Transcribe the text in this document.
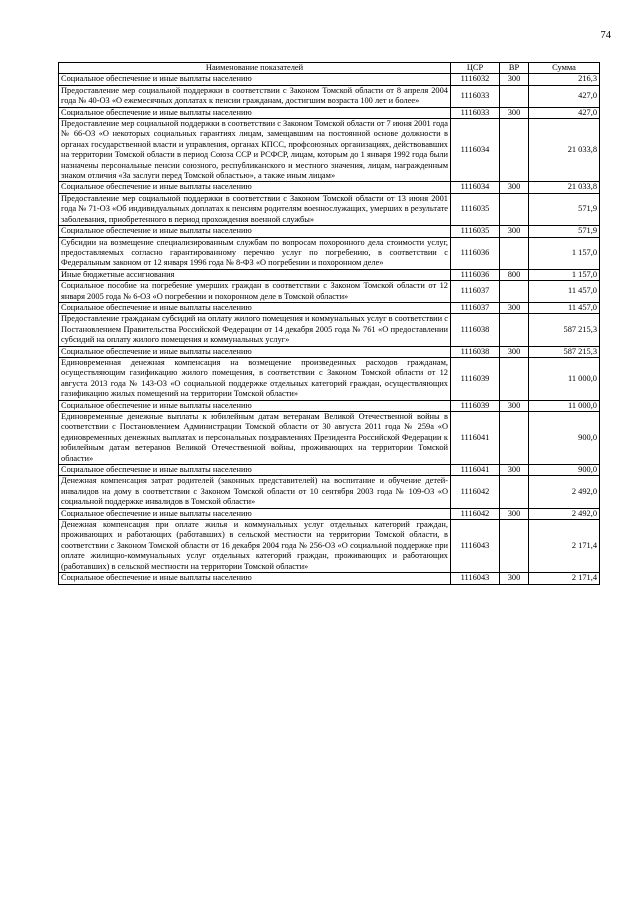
74
Наименование показателей	ЦСР	ВР	Сумма
Социальное обеспечение и иные выплаты населению	1116032	300	216,3
Предоставление мер социальной поддержки в соответствии с Законом Томской области от 8 апреля 2004 года № 40-ОЗ «О ежемесячных доплатах к пенсии гражданам, достигшим возраста 100 лет и более»	1116033		427,0
Социальное обеспечение и иные выплаты населению	1116033	300	427,0
Предоставление мер социальной поддержки в соответствии с Законом Томской области от 7 июня 2001 года № 66-ОЗ «О некоторых социальных гарантиях лицам, замещавшим на постоянной основе должности в органах государственной власти и управления, органах КПСС, профсоюзных организациях, действовавших на территории Томской области в период Союза ССР и РСФСР, лицам, которым до 1 января 1992 года были назначены персональные пенсии союзного, республиканского и местного значения, лицам, награжденным знаком отличия «За заслуги перед Томской областью», а также иным лицам»	1116034		21 033,8
Социальное обеспечение и иные выплаты населению	1116034	300	21 033,8
Предоставление мер социальной поддержки в соответствии с Законом Томской области от 13 июня 2001 года № 71-ОЗ «Об индивидуальных доплатах к пенсиям родителям военнослужащих, умерших в результате заболевания, приобретенного в период прохождения военной службы»	1116035		571,9
Социальное обеспечение и иные выплаты населению	1116035	300	571,9
Субсидии на возмещение специализированным службам по вопросам похоронного дела стоимости услуг, предоставляемых согласно гарантированному перечню услуг по погребению, в соответствии с Федеральным законом от 12 января 1996 года № 8-ФЗ «О погребении и похоронном деле»	1116036		1 157,0
Иные бюджетные ассигнования	1116036	800	1 157,0
Социальное пособие на погребение умерших граждан в соответствии с Законом Томской области от 12 января 2005 года № 6-ОЗ «О погребении и похоронном деле в Томской области»	1116037		11 457,0
Социальное обеспечение и иные выплаты населению	1116037	300	11 457,0
Предоставление гражданам субсидий на оплату жилого помещения и коммунальных услуг в соответствии с Постановлением Правительства Российской Федерации от 14 декабря 2005 года № 761 «О предоставлении субсидий на оплату жилого помещения и коммунальных услуг»	1116038		587 215,3
Социальное обеспечение и иные выплаты населению	1116038	300	587 215,3
Единовременная денежная компенсация на возмещение произведенных расходов гражданам, осуществляющим газификацию жилого помещения, в соответствии с Законом Томской области от 12 августа 2013 года № 143-ОЗ «О социальной поддержке отдельных категорий граждан, осуществляющих газификацию жилых помещений на территории Томской области»	1116039		11 000,0
Социальное обеспечение и иные выплаты населению	1116039	300	11 000,0
Единовременные денежные выплаты к юбилейным датам ветеранам Великой Отечественной войны в соответствии с Постановлением Администрации Томской области от 30 августа 2011 года № 259а «О единовременных денежных выплатах и персональных поздравлениях Президента Российской Федерации к юбилейным датам ветеранов Великой Отечественной войны, проживающих на территории Томской области»	1116041		900,0
Социальное обеспечение и иные выплаты населению	1116041	300	900,0
Денежная компенсация затрат родителей (законных представителей) на воспитание и обучение детей-инвалидов на дому в соответствии с Законом Томской области от 10 сентября 2003 года № 109-ОЗ «О социальной поддержке инвалидов в Томской области»	1116042		2 492,0
Социальное обеспечение и иные выплаты населению	1116042	300	2 492,0
Денежная компенсация при оплате жилья и коммунальных услуг отдельных категорий граждан, проживающих и работающих (работавших) в сельской местности на территории Томской области, в соответствии с Законом Томской области от 16 декабря 2004 года № 256-ОЗ «О социальной поддержке при оплате жилищно-коммунальных услуг отдельных категорий граждан, проживающих и работающих (работавших) в сельской местности на территории Томской области»	1116043		2 171,4
Социальное обеспечение и иные выплаты населению	1116043	300	2 171,4
